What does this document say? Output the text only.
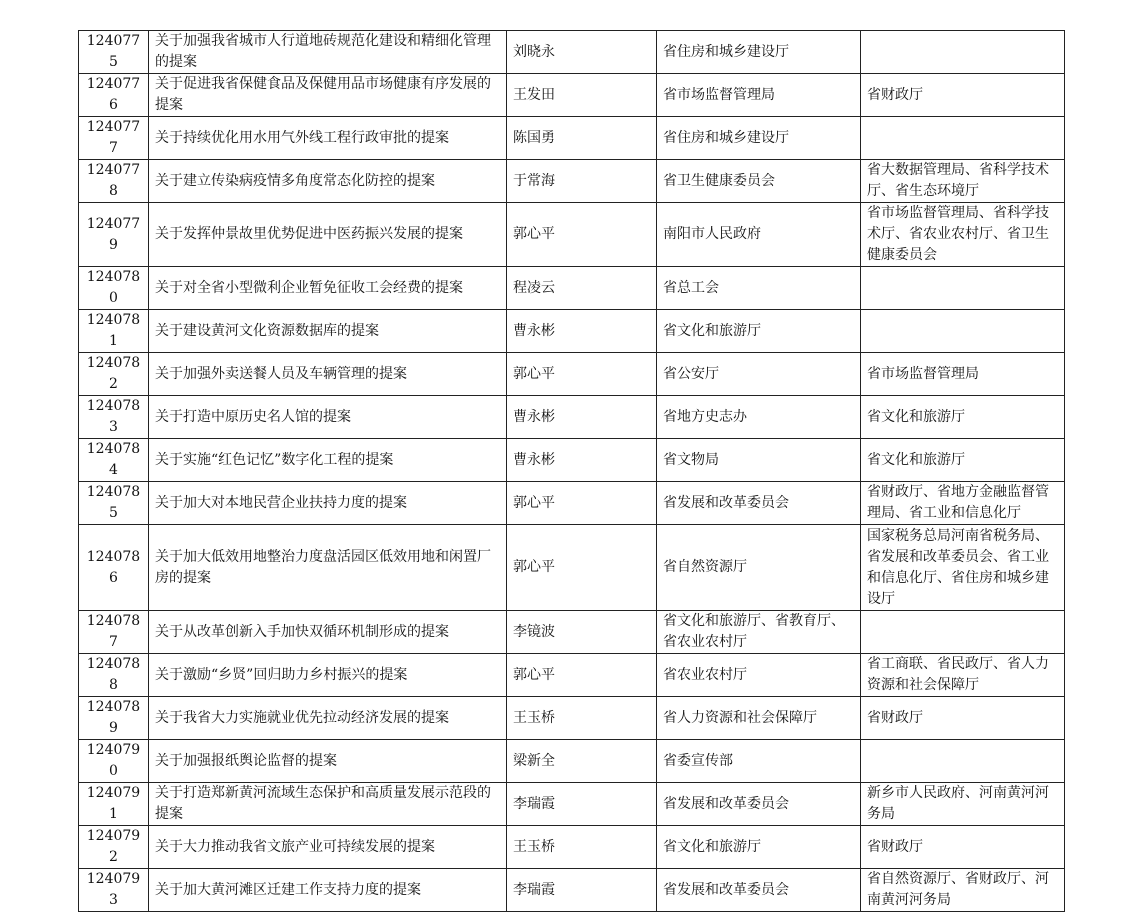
1240775	关于加强我省城市人行道地砖规范化建设和精细化管理的提案	刘晓永	省住房和城乡建设厅	
1240776	关于促进我省保健食品及保健用品市场健康有序发展的提案	王发田	省市场监督管理局	省财政厅
1240777	关于持续优化用水用气外线工程行政审批的提案	陈国勇	省住房和城乡建设厅	
1240778	关于建立传染病疫情多角度常态化防控的提案	于常海	省卫生健康委员会	省大数据管理局、省科学技术厅、省生态环境厅
1240779	关于发挥仲景故里优势促进中医药振兴发展的提案	郭心平	南阳市人民政府	省市场监督管理局、省科学技术厅、省农业农村厅、省卫生健康委员会
1240780	关于对全省小型微利企业暂免征收工会经费的提案	程凌云	省总工会	
1240781	关于建设黄河文化资源数据库的提案	曹永彬	省文化和旅游厅	
1240782	关于加强外卖送餐人员及车辆管理的提案	郭心平	省公安厅	省市场监督管理局
1240783	关于打造中原历史名人馆的提案	曹永彬	省地方史志办	省文化和旅游厅
1240784	关于实施“红色记忆”数字化工程的提案	曹永彬	省文物局	省文化和旅游厅
1240785	关于加大对本地民营企业扶持力度的提案	郭心平	省发展和改革委员会	省财政厅、省地方金融监督管理局、省工业和信息化厅
1240786	关于加大低效用地整治力度盘活园区低效用地和闲置厂房的提案	郭心平	省自然资源厅	国家税务总局河南省税务局、省发展和改革委员会、省工业和信息化厅、省住房和城乡建设厅
1240787	关于从改革创新入手加快双循环机制形成的提案	李镜波	省文化和旅游厅、省教育厅、省农业农村厅	
1240788	关于激励“乡贤”回归助力乡村振兴的提案	郭心平	省农业农村厅	省工商联、省民政厅、省人力资源和社会保障厅
1240789	关于我省大力实施就业优先拉动经济发展的提案	王玉桥	省人力资源和社会保障厅	省财政厅
1240790	关于加强报纸舆论监督的提案	梁新全	省委宣传部	
1240791	关于打造郑新黄河流域生态保护和高质量发展示范段的提案	李瑞霞	省发展和改革委员会	新乡市人民政府、河南黄河河务局
1240792	关于大力推动我省文旅产业可持续发展的提案	王玉桥	省文化和旅游厅	省财政厅
1240793	关于加大黄河滩区迁建工作支持力度的提案	李瑞霞	省发展和改革委员会	省自然资源厅、省财政厅、河南黄河河务局
